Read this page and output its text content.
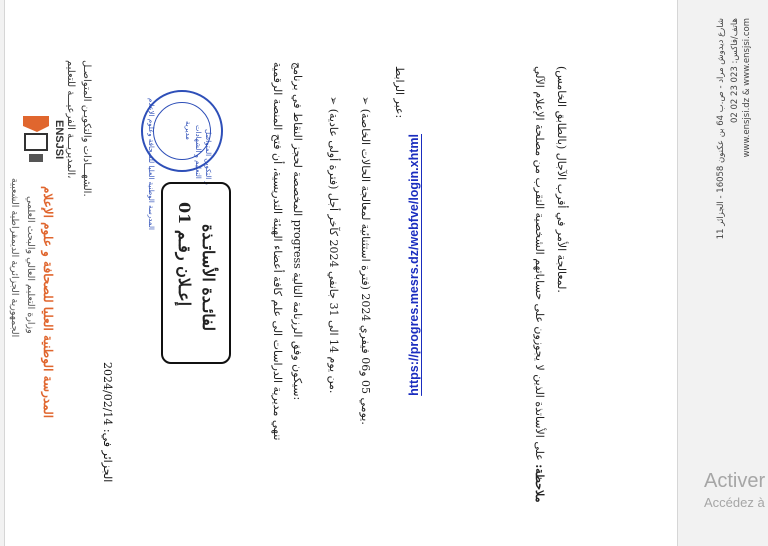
الجمهورية الجزائرية الديمقراطية الشعبية وزارة التعليم العالي والبحث العلمي المدرسة الوطنية العليا للصحافة و علوم الإعلام	الجزائر في: 2024/02/14
ENSJSI المديريـــة الفرعيـــة للتعليم، الشهـــادات والتكويـن المتواصـل.	المدرسة الوطنية العليا للصحافة وعلوم الإعلام	مديرية التعليم و الشهادات و التكوين المتواصل
إعـلان رقـم 01 لفائـدة الأساتـذة	تنهي مديرية الدراسات الى علم كافة أعضاء الهيئة التدريسية، أن فتح المنصة الرقمية المخصصة لحجز النقاط في برنامج progress سيكون وفق الرزنامة التالية:
➢ من يوم 14 الى 31 جانفي 2024 كآخر أجل (فترة أولى عادية).
➢ يومي 05 و06 فيفري 2024 (فترة استثنائية لمعالجة الحالات الخاصة).
عبر الرابط:
https://progres.mesrs.dz/webfve/login.xhtml
ملاحظة: على الأساتذة الذين لا يجوزون على حساباتهم الشخصية التقرب من مصلحة الإعلام الآلي (بالطابق الخامس) لمعالجة الأمر في أقرب الآجال.
11 شارع ديدوش مراد - ص.ب 64 بن عكنون 16058 - الجزائر
هاتف/فاكس: 023 23 02 02 www.ensjsi.dz & www.ensjsi.com
Activer
Accédez à
